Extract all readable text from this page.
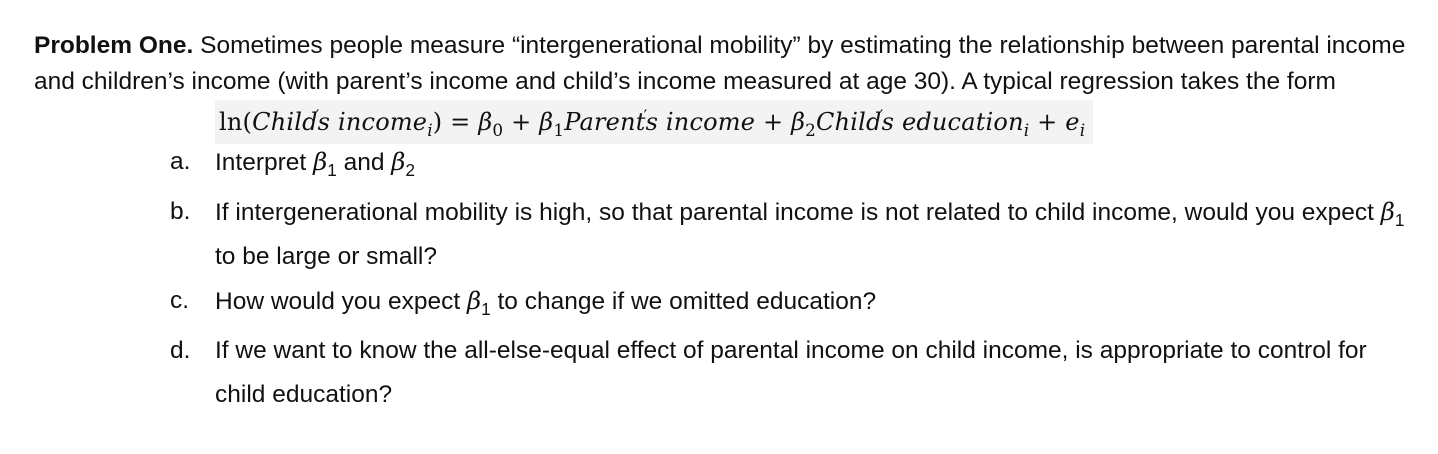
Problem One. Sometimes people measure “intergenerational mobility” by estimating the relationship between parental income and children’s income (with parent’s income and child’s income measured at age 30). A typical regression takes the form
ln(Childs income$_i$) = $\beta_0$ + $\beta_1Parents$ income + $\beta_2Childs$ education$_i$ + $e_i$
a. Interpret $\beta_1$ and $\beta_2$
b. If intergenerational mobility is high, so that parental income is not related to child income, would you expect $\beta_1$ to be large or small?
c. How would you expect $\beta_1$ to change if we omitted education?
d. If we want to know the all-else-equal effect of parental income on child income, is appropriate to control for child education?
